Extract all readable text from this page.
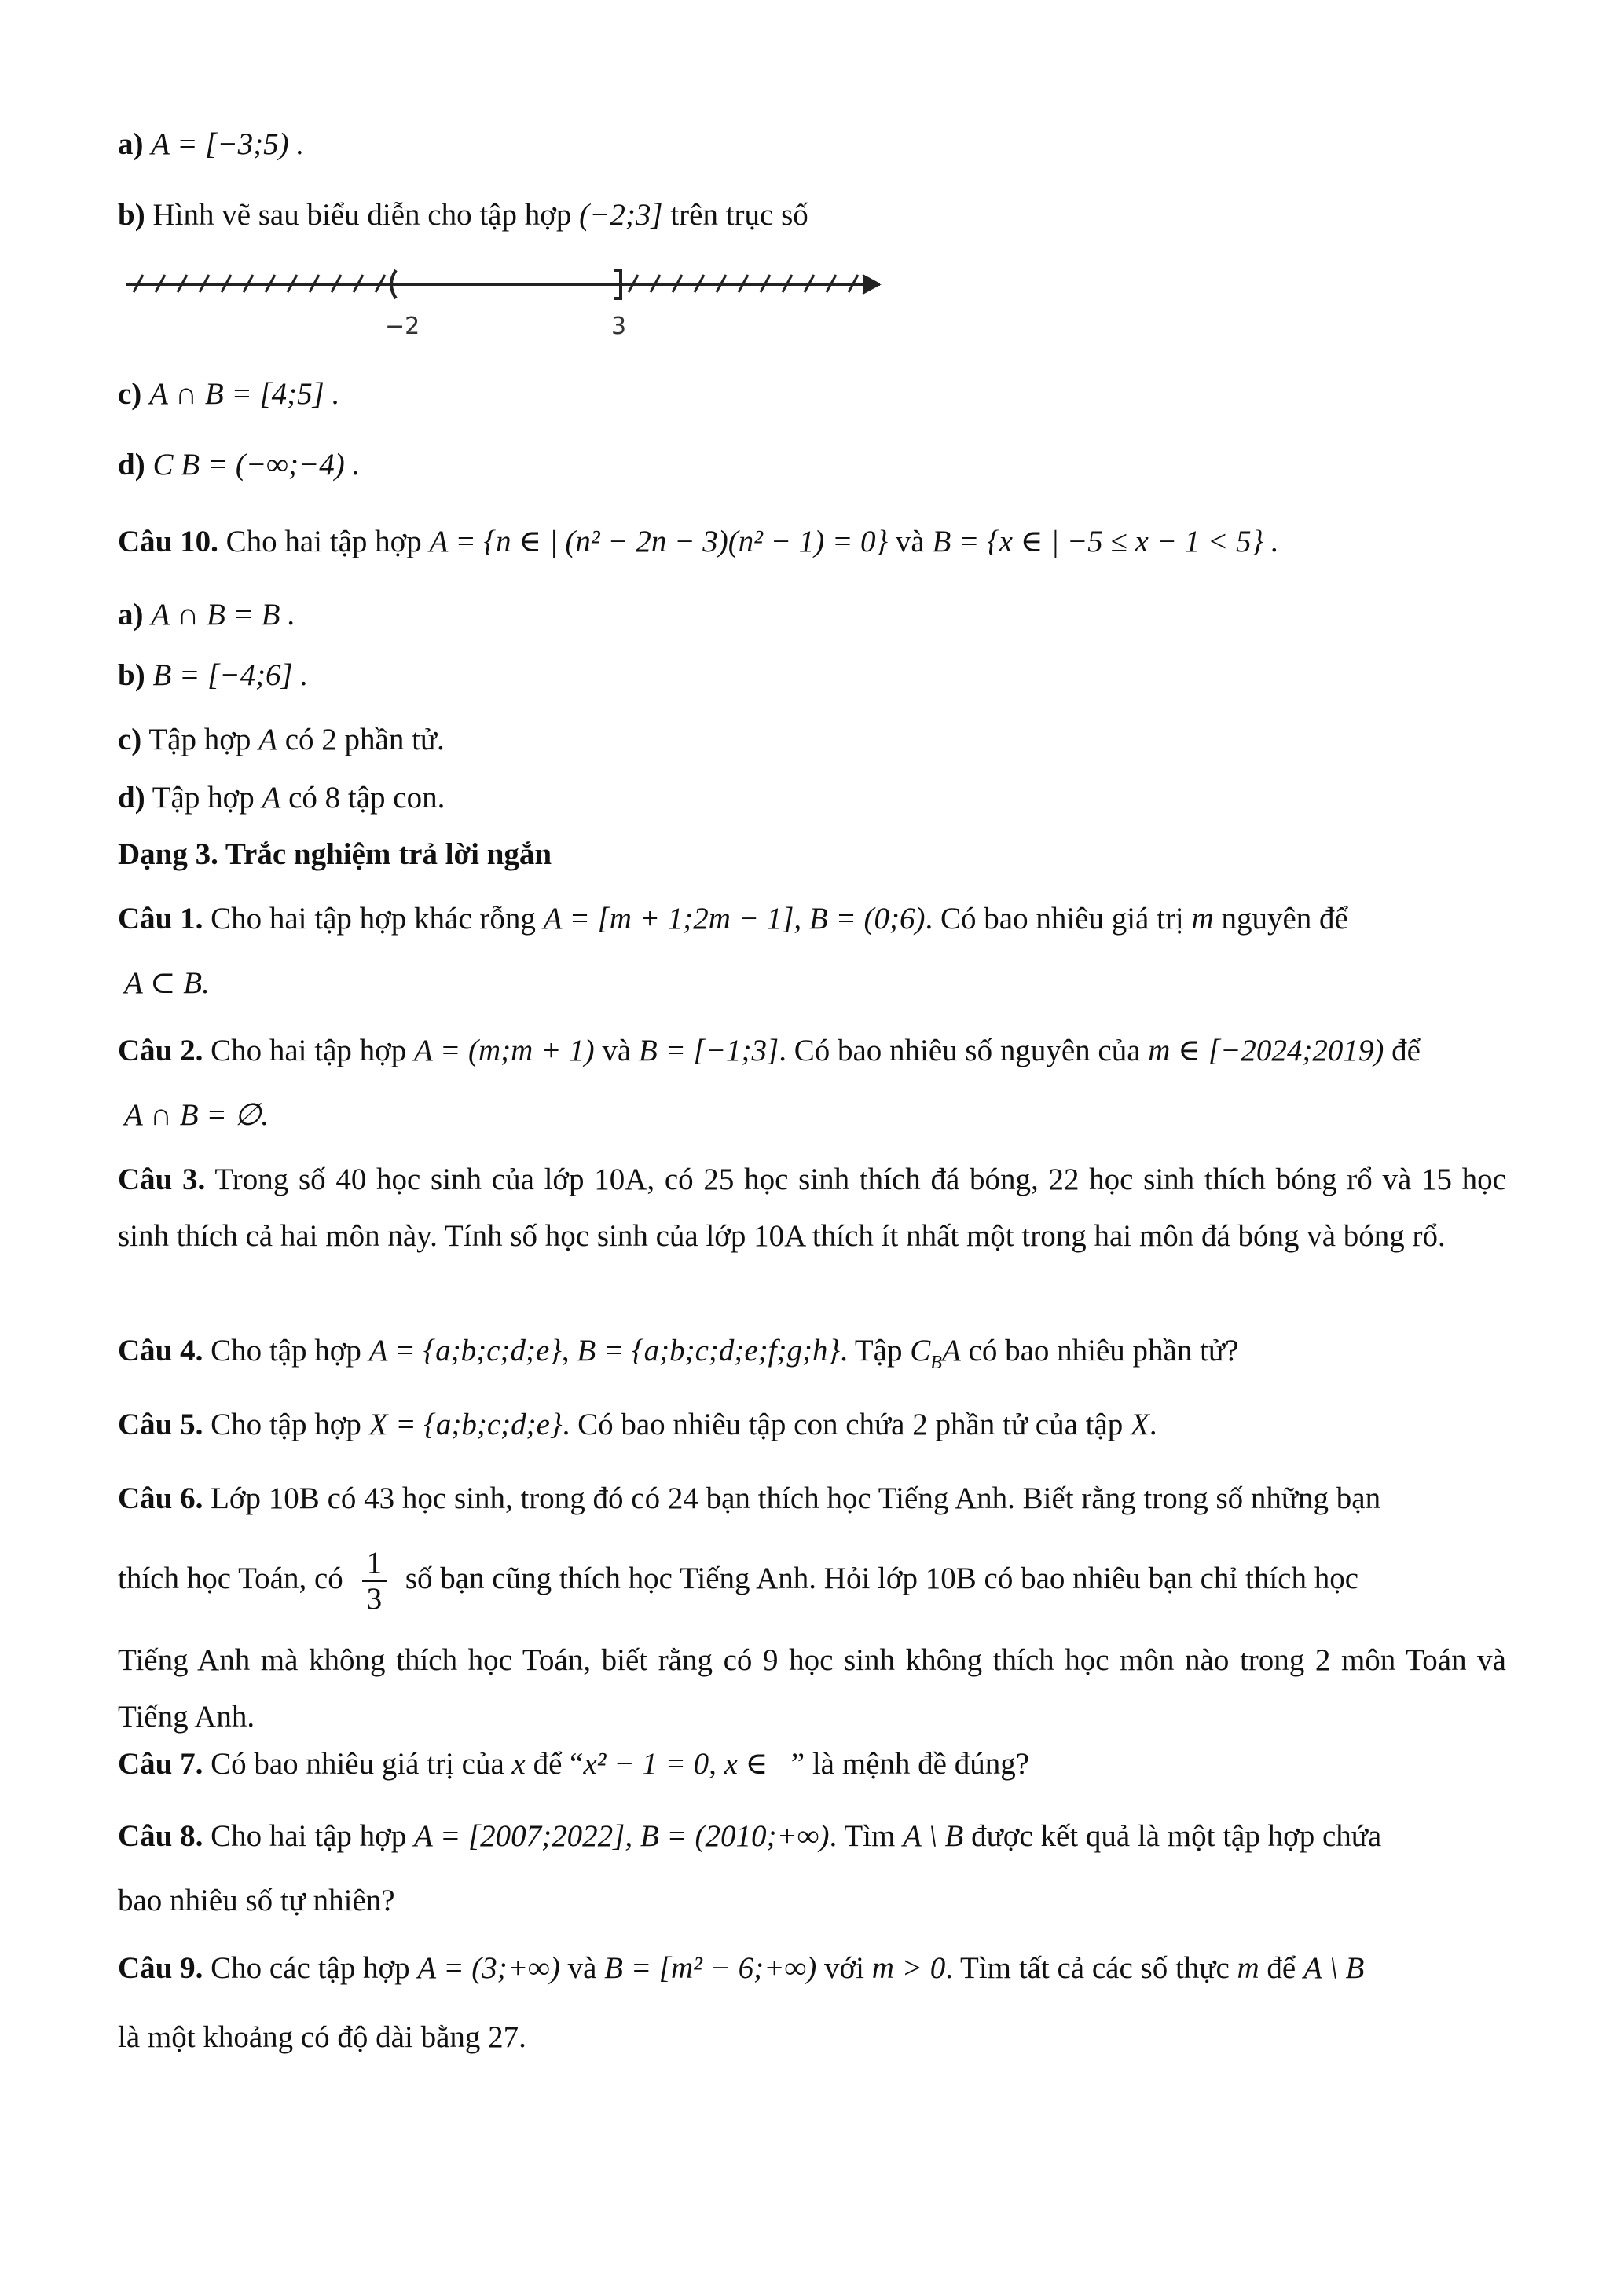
a) A = [−3;5) .
b) Hình vẽ sau biểu diễn cho tập hợp (−2;3] trên trục số
−2	3
c) A ∩ B = [4;5] .
d) C B = (−∞;−4) .
Câu 10. Cho hai tập hợp A = {n ∈ | (n² − 2n − 3)(n² − 1) = 0} và B = {x ∈ | −5 ≤ x − 1 < 5} .
a) A ∩ B = B .
b) B = [−4;6] .
c) Tập hợp A có 2 phần tử.
d) Tập hợp A có 8 tập con.
Dạng 3. Trắc nghiệm trả lời ngắn
Câu 1. Cho hai tập hợp khác rỗng A = [m + 1;2m − 1], B = (0;6). Có bao nhiêu giá trị m nguyên để
A ⊂ B.
Câu 2. Cho hai tập hợp A = (m;m + 1) và B = [−1;3]. Có bao nhiêu số nguyên của m ∈ [−2024;2019) để
A ∩ B = ∅.
Câu 3. Trong số 40 học sinh của lớp 10A, có 25 học sinh thích đá bóng, 22 học sinh thích bóng rổ và 15 học sinh thích cả hai môn này. Tính số học sinh của lớp 10A thích ít nhất một trong hai môn đá bóng và bóng rổ.
Câu 4. Cho tập hợp A = {a;b;c;d;e}, B = {a;b;c;d;e;f;g;h}. Tập $C_BA$ có bao nhiêu phần tử?
Câu 5. Cho tập hợp X = {a;b;c;d;e}. Có bao nhiêu tập con chứa 2 phần tử của tập X.
Câu 6. Lớp 10B có 43 học sinh, trong đó có 24 bạn thích học Tiếng Anh. Biết rằng trong số những bạn
thích học Toán, có $\frac{1}{3}$ số bạn cũng thích học Tiếng Anh. Hỏi lớp 10B có bao nhiêu bạn chỉ thích học
Tiếng Anh mà không thích học Toán, biết rằng có 9 học sinh không thích học môn nào trong 2 môn Toán và Tiếng Anh.
Câu 7. Có bao nhiêu giá trị của x để “x² − 1 = 0, x ∈ ” là mệnh đề đúng?
Câu 8. Cho hai tập hợp A = [2007;2022], B = (2010;+∞). Tìm A \ B được kết quả là một tập hợp chứa
bao nhiêu số tự nhiên?
Câu 9. Cho các tập hợp A = (3;+∞) và B = [m² − 6;+∞) với m > 0. Tìm tất cả các số thực m để A \ B
là một khoảng có độ dài bằng 27.
